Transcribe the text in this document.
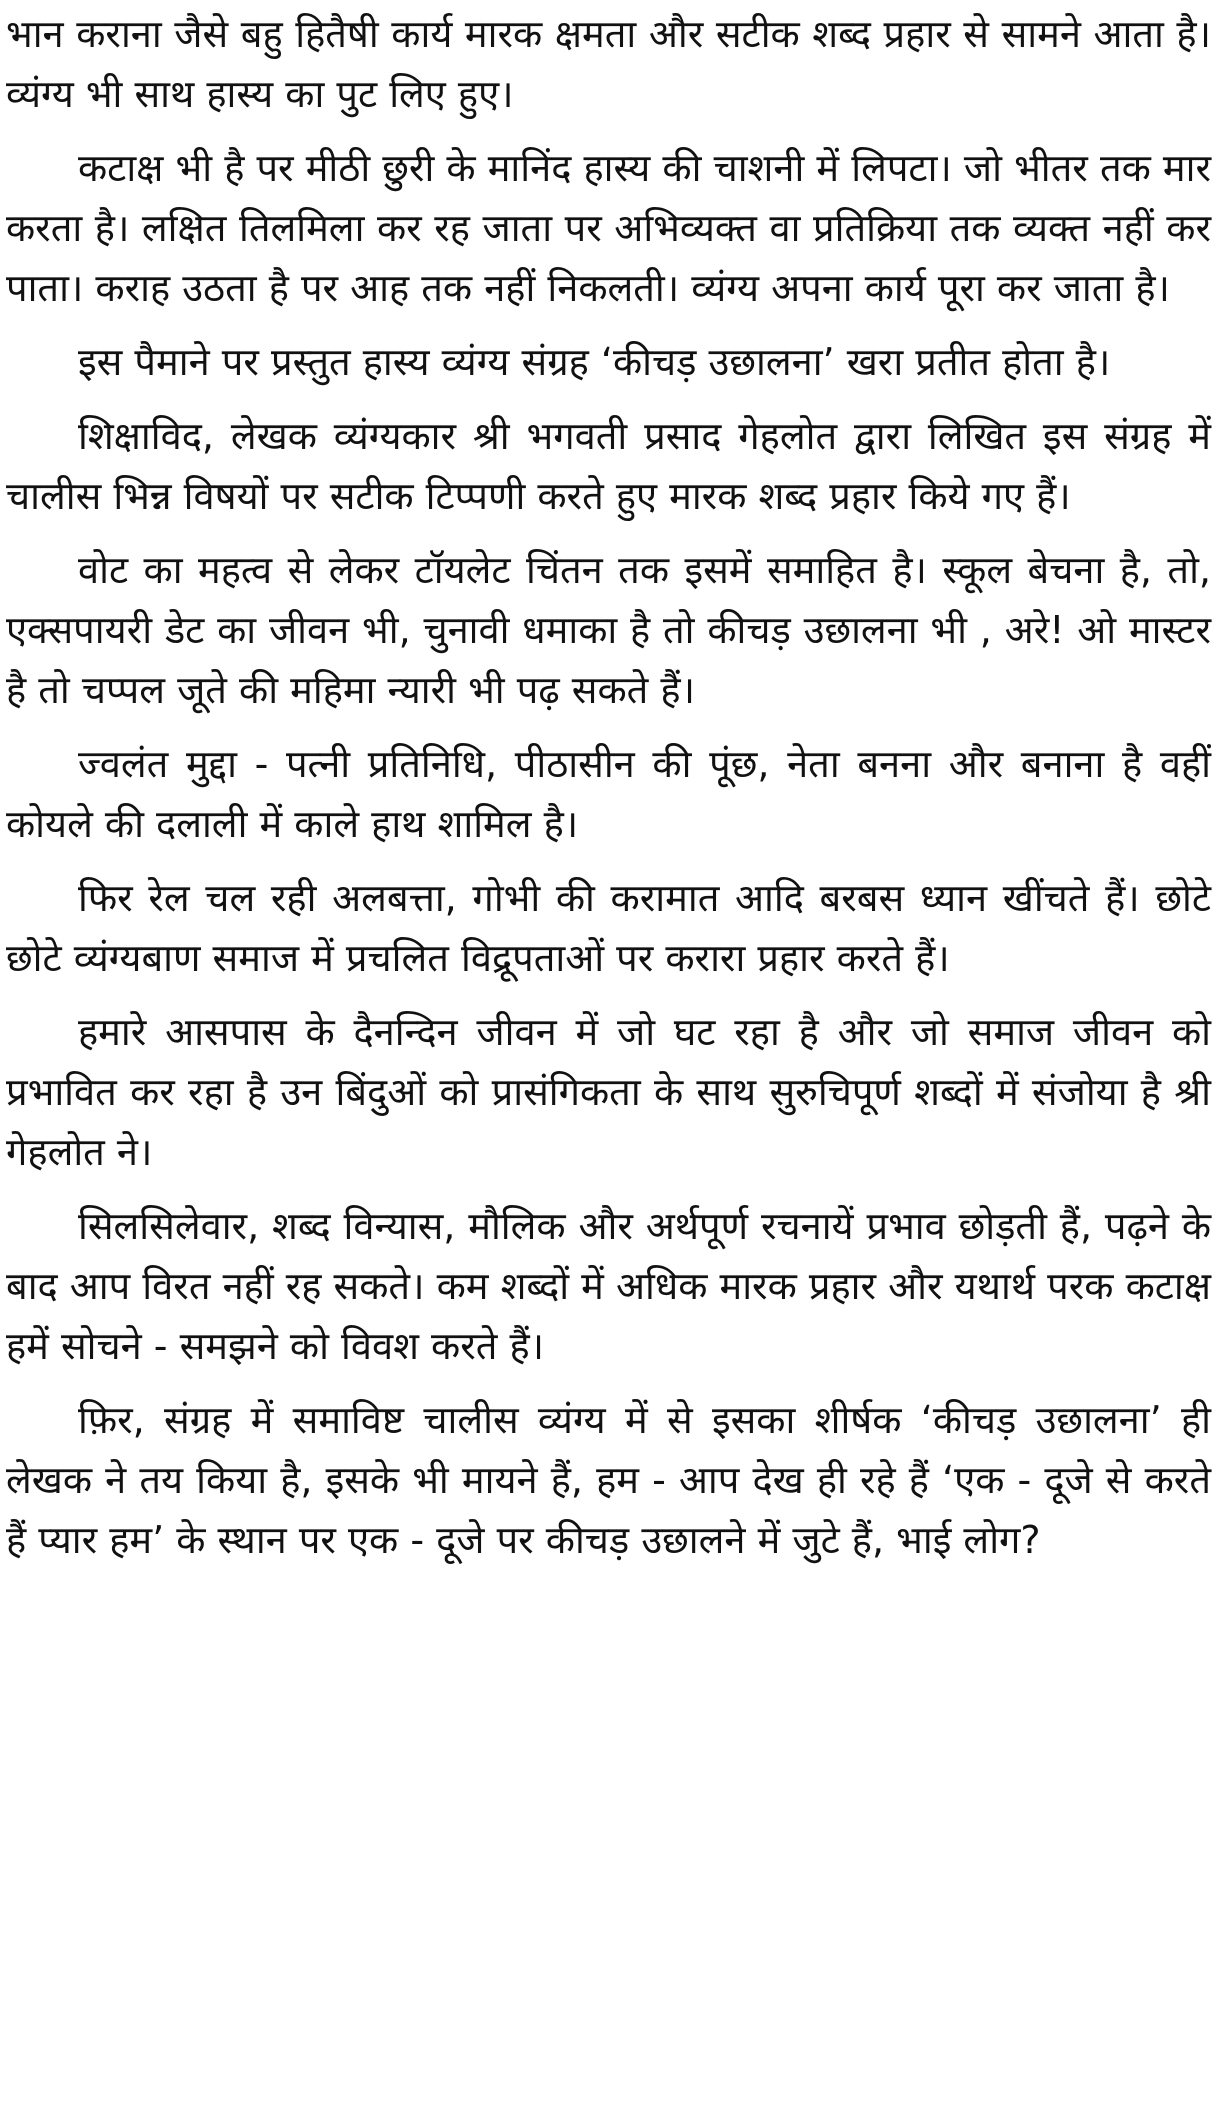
भान कराना जैसे बहु हितैषी कार्य मारक क्षमता और सटीक शब्द प्रहार से सामने आता है। व्यंग्य भी साथ हास्य का पुट लिए हुए।

कटाक्ष भी है पर मीठी छुरी के मानिंद हास्य की चाशनी में लिपटा। जो भीतर तक मार करता है। लक्षित तिलमिला कर रह जाता पर अभिव्यक्त वा प्रतिक्रिया तक व्यक्त नहीं कर पाता। कराह उठता है पर आह तक नहीं निकलती। व्यंग्य अपना कार्य पूरा कर जाता है।

इस पैमाने पर प्रस्तुत हास्य व्यंग्य संग्रह ‘कीचड़ उछालना’ खरा प्रतीत होता है।

शिक्षाविद, लेखक व्यंग्यकार श्री भगवती प्रसाद गेहलोत द्वारा लिखित इस संग्रह में चालीस भिन्न विषयों पर सटीक टिप्पणी करते हुए मारक शब्द प्रहार किये गए हैं।

वोट का महत्व से लेकर टॉयलेट चिंतन तक इसमें समाहित है। स्कूल बेचना है, तो, एक्सपायरी डेट का जीवन भी, चुनावी धमाका है तो कीचड़ उछालना भी , अरे! ओ मास्टर है तो चप्पल जूते की महिमा न्यारी भी पढ़ सकते हैं।

ज्वलंत मुद्दा - पत्नी प्रतिनिधि, पीठासीन की पूंछ, नेता बनना और बनाना है वहीं कोयले की दलाली में काले हाथ शामिल है।

फिर रेल चल रही अलबत्ता, गोभी की करामात आदि बरबस ध्यान खींचते हैं। छोटे छोटे व्यंग्यबाण समाज में प्रचलित विद्रूपताओं पर करारा प्रहार करते हैं।

हमारे आसपास के दैनन्दिन जीवन में जो घट रहा है और जो समाज जीवन को प्रभावित कर रहा है उन बिंदुओं को प्रासंगिकता के साथ सुरुचिपूर्ण शब्दों में संजोया है श्री गेहलोत ने।

सिलसिलेवार, शब्द विन्यास, मौलिक और अर्थपूर्ण रचनायें प्रभाव छोड़ती हैं, पढ़ने के बाद आप विरत नहीं रह सकते। कम शब्दों में अधिक मारक प्रहार और यथार्थ परक कटाक्ष हमें सोचने - समझने को विवश करते हैं।

फ़िर, संग्रह में समाविष्ट चालीस व्यंग्य में से इसका शीर्षक ‘कीचड़ उछालना’ ही लेखक ने तय किया है, इसके भी मायने हैं, हम - आप देख ही रहे हैं ‘एक - दूजे से करते हैं प्यार हम’ के स्थान पर एक - दूजे पर कीचड़ उछालने में जुटे हैं, भाई लोग?
